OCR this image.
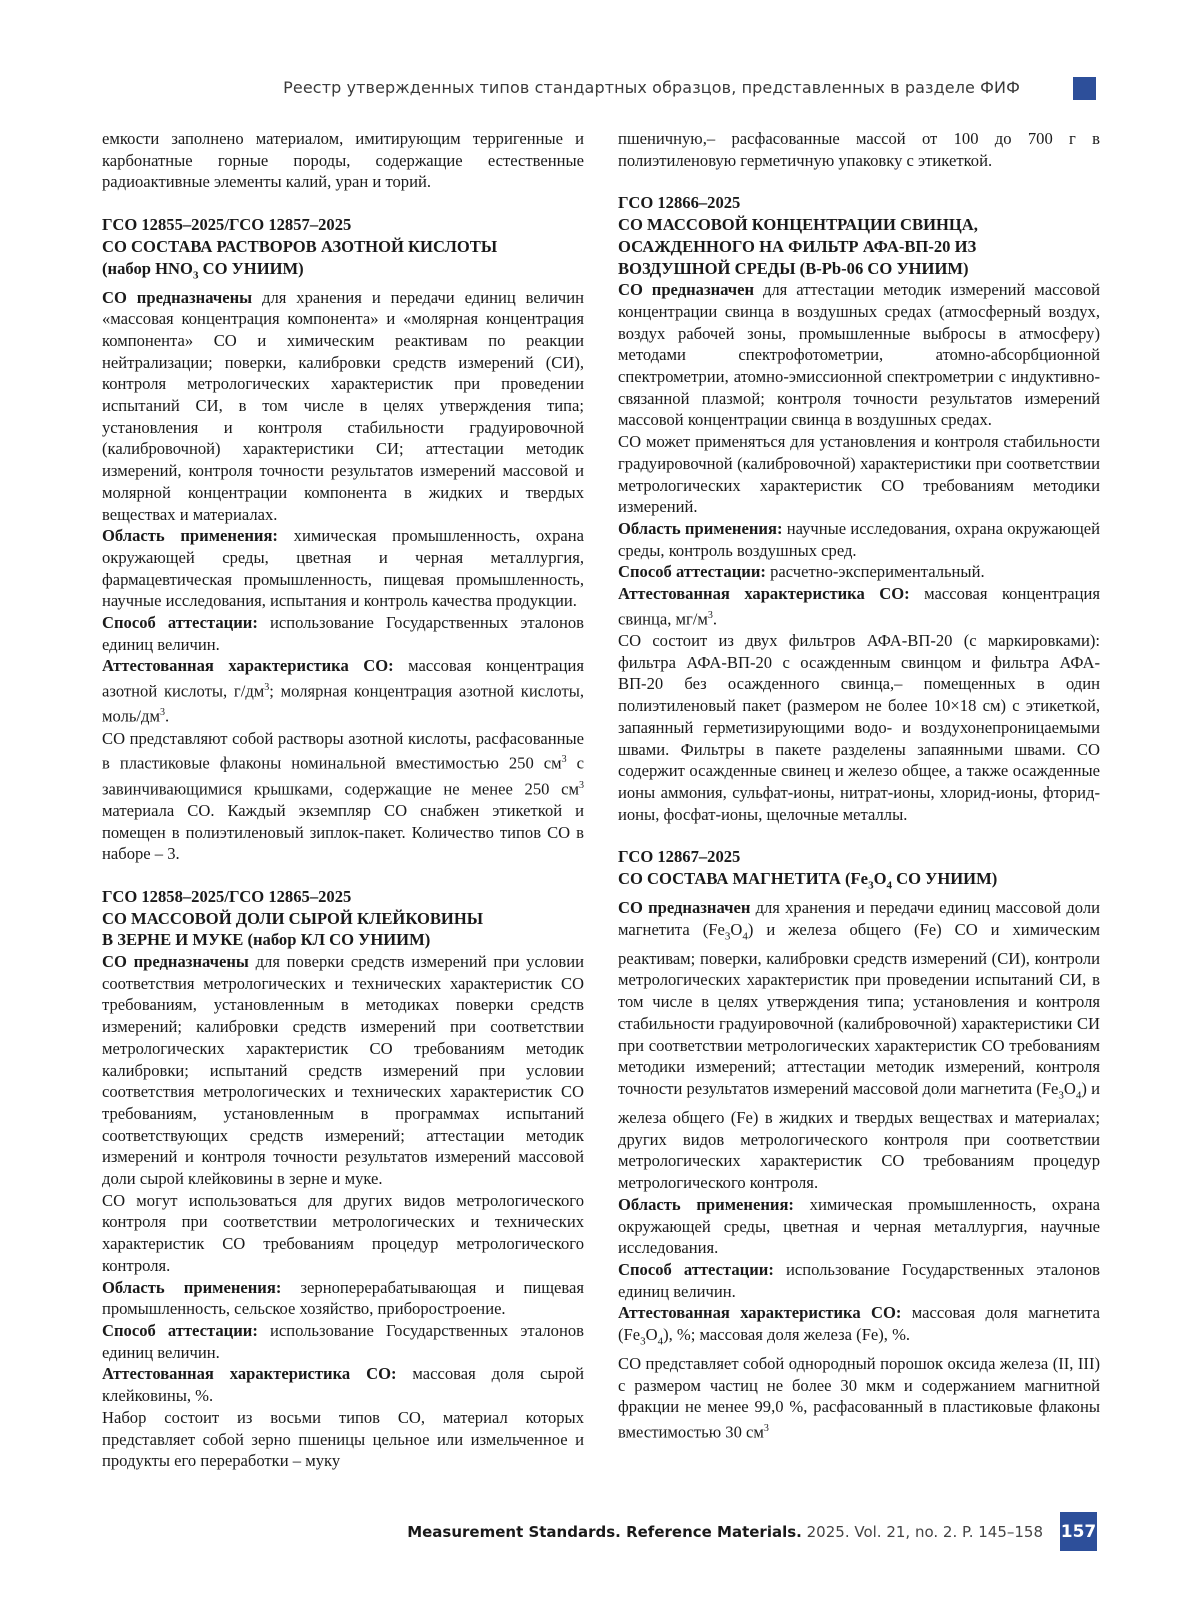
Реестр утвержденных типов стандартных образцов, представленных в разделе ФИФ

емкости заполнено материалом, имитирующим терригенные и карбонатные горные породы, содержащие естественные радиоактивные элементы калий, уран и торий.

ГСО 12855–2025/ГСО 12857–2025
СО СОСТАВА РАСТВОРОВ АЗОТНОЙ КИСЛОТЫ
(набор $HNO_3$ СО УНИИМ)

СО предназначены для хранения и передачи единиц величин «массовая концентрация компонента» и «молярная концентрация компонента» СО и химическим реактивам по реакции нейтрализации; поверки, калибровки средств измерений (СИ), контроля метрологических характеристик при проведении испытаний СИ, в том числе в целях утверждения типа; установления и контроля стабильности градуировочной (калибровочной) характеристики СИ; аттестации методик измерений, контроля точности результатов измерений массовой и молярной концентрации компонента в жидких и твердых веществах и материалах.

Область применения: химическая промышленность, охрана окружающей среды, цветная и черная металлургия, фармацевтическая промышленность, пищевая промышленность, научные исследования, испытания и контроль качества продукции.

Способ аттестации: использование Государственных эталонов единиц величин.

Аттестованная характеристика СО: массовая концентрация азотной кислоты, $г/дм^3$; молярная концентрация азотной кислоты, моль/$дм^3$.

СО представляют собой растворы азотной кислоты, расфасованные в пластиковые флаконы номинальной вместимостью 250 $см^3$ с завинчивающимися крышками, содержащие не менее 250 $см^3$ материала СО. Каждый экземпляр СО снабжен этикеткой и помещен в полиэтиленовый зиплок-пакет. Количество типов СО в наборе – 3.

ГСО 12858–2025/ГСО 12865–2025
СО МАССОВОЙ ДОЛИ СЫРОЙ КЛЕЙКОВИНЫ
В ЗЕРНЕ И МУКЕ (набор КЛ СО УНИИМ)

СО предназначены для поверки средств измерений при условии соответствия метрологических и технических характеристик СО требованиям, установленным в методиках поверки средств измерений; калибровки средств измерений при соответствии метрологических характеристик СО требованиям методик калибровки; испытаний средств измерений при условии соответствия метрологических и технических характеристик СО требованиям, установленным в программах испытаний соответствующих средств измерений; аттестации методик измерений и контроля точности результатов измерений массовой доли сырой клейковины в зерне и муке.

СО могут использоваться для других видов метрологического контроля при соответствии метрологических и технических характеристик СО требованиям процедур метрологического контроля.

Область применения: зерноперерабатывающая и пищевая промышленность, сельское хозяйство, приборостроение.

Способ аттестации: использование Государственных эталонов единиц величин.

Аттестованная характеристика СО: массовая доля сырой клейковины, %.

Набор состоит из восьми типов СО, материал которых представляет собой зерно пшеницы цельное или измельченное и продукты его переработки – муку

пшеничную,– расфасованные массой от 100 до 700 г в полиэтиленовую герметичную упаковку с этикеткой.

ГСО 12866–2025
СО МАССОВОЙ КОНЦЕНТРАЦИИ СВИНЦА,
ОСАЖДЕННОГО НА ФИЛЬТР АФА-ВП-20 ИЗ
ВОЗДУШНОЙ СРЕДЫ (В-Pb-06 СО УНИИМ)

СО предназначен для аттестации методик измерений массовой концентрации свинца в воздушных средах (атмосферный воздух, воздух рабочей зоны, промышленные выбросы в атмосферу) методами спектрофотометрии, атомно-абсорбционной спектрометрии, атомно-эмиссионной спектрометрии с индуктивно-связанной плазмой; контроля точности результатов измерений массовой концентрации свинца в воздушных средах.

СО может применяться для установления и контроля стабильности градуировочной (калибровочной) характеристики при соответствии метрологических характеристик СО требованиям методики измерений.

Область применения: научные исследования, охрана окружающей среды, контроль воздушных сред.

Способ аттестации: расчетно-экспериментальный.

Аттестованная характеристика СО: массовая концентрация свинца, $мг/м^3$.

СО состоит из двух фильтров АФА-ВП-20 (с маркировками): фильтра АФА-ВП-20 с осажденным свинцом и фильтра АФА-ВП-20 без осажденного свинца,– помещенных в один полиэтиленовый пакет (размером не более 10×18 см) с этикеткой, запаянный герметизирующими водо- и воздухонепроницаемыми швами. Фильтры в пакете разделены запаянными швами. СО содержит осажденные свинец и железо общее, а также осажденные ионы аммония, сульфат-ионы, нитрат-ионы, хлорид-ионы, фторид-ионы, фосфат-ионы, щелочные металлы.

ГСО 12867–2025
СО СОСТАВА МАГНЕТИТА ($Fe_3O_4$ СО УНИИМ)

СО предназначен для хранения и передачи единиц массовой доли магнетита $(Fe_3O_4)$ и железа общего (Fe) СО и химическим реактивам; поверки, калибровки средств измерений (СИ), контроли метрологических характеристик при проведении испытаний СИ, в том числе в целях утверждения типа; установления и контроля стабильности градуировочной (калибровочной) характеристики СИ при соответствии метрологических характеристик СО требованиям методики измерений; аттестации методик измерений, контроля точности результатов измерений массовой доли магнетита $(Fe_3O_4)$ и железа общего (Fe) в жидких и твердых веществах и материалах; других видов метрологического контроля при соответствии метрологических характеристик СО требованиям процедур метрологического контроля.

Область применения: химическая промышленность, охрана окружающей среды, цветная и черная металлургия, научные исследования.

Способ аттестации: использование Государственных эталонов единиц величин.

Аттестованная характеристика СО: массовая доля магнетита $(Fe_3O_4)$, %; массовая доля железа (Fe), %.

СО представляет собой однородный порошок оксида железа (II, III) с размером частиц не более 30 мкм и содержанием магнитной фракции не менее 99,0 %, расфасованный в пластиковые флаконы вместимостью 30 $см^3$

Measurement Standards. Reference Materials. 2025. Vol. 21, no. 2. P. 145–158 157
